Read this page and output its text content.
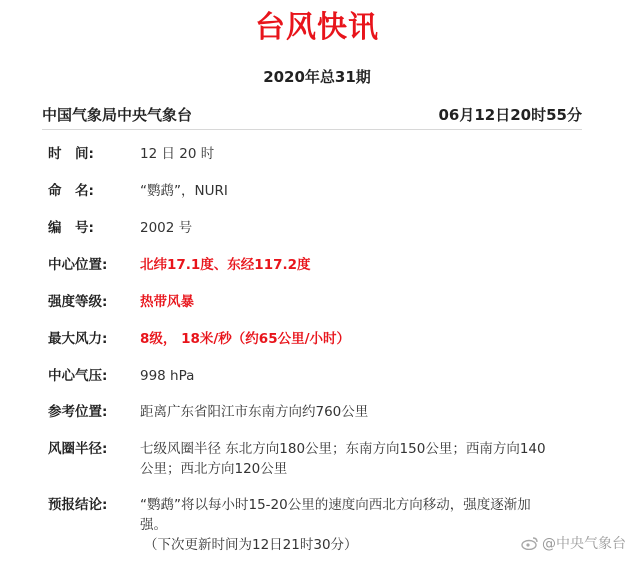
台风快讯
2020年总31期
中国气象局中央气象台	06月12日20时55分
时　间:	12 日 20 时
命　名:	“鹦鹉”，NURI
编　号:	2002 号
中心位置:	北纬17.1度、东经117.2度
强度等级:	热带风暴
最大风力:	8级， 18米/秒（约65公里/小时）
中心气压:	998 hPa
参考位置:	距离广东省阳江市东南方向约760公里
风圈半径:	七级风圈半径 东北方向180公里；东南方向150公里；西南方向140
公里；西北方向120公里
预报结论:	“鹦鹉”将以每小时15-20公里的速度向西北方向移动，强度逐渐加
强。
（下次更新时间为12日21时30分）	@中央气象台
